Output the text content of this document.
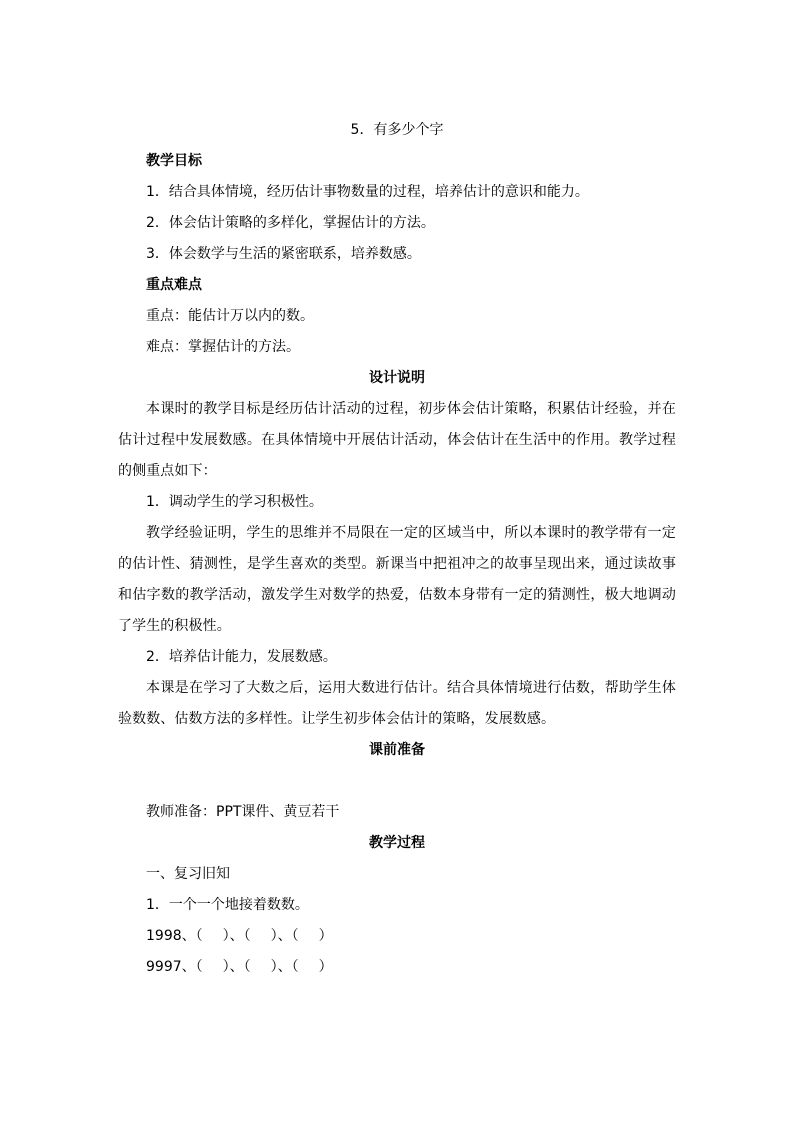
5．有多少个字
教学目标
1．结合具体情境，经历估计事物数量的过程，培养估计的意识和能力。
2．体会估计策略的多样化，掌握估计的方法。
3．体会数学与生活的紧密联系，培养数感。
重点难点
重点：能估计万以内的数。
难点：掌握估计的方法。
设计说明
本课时的教学目标是经历估计活动的过程，初步体会估计策略，积累估计经验，并在估计过程中发展数感。在具体情境中开展估计活动，体会估计在生活中的作用。教学过程的侧重点如下：
1．调动学生的学习积极性。
教学经验证明，学生的思维并不局限在一定的区域当中，所以本课时的教学带有一定的估计性、猜测性，是学生喜欢的类型。新课当中把祖冲之的故事呈现出来，通过读故事和估字数的教学活动，激发学生对数学的热爱，估数本身带有一定的猜测性，极大地调动了学生的积极性。
2．培养估计能力，发展数感。
本课是在学习了大数之后，运用大数进行估计。结合具体情境进行估数，帮助学生体验数数、估数方法的多样性。让学生初步体会估计的策略，发展数感。
课前准备
教师准备：PPT课件、黄豆若干
教学过程
一、复习旧知
1．一个一个地接着数数。
1998、（ ）、（ ）、（ ）
9997、（ ）、（ ）、（ ）
